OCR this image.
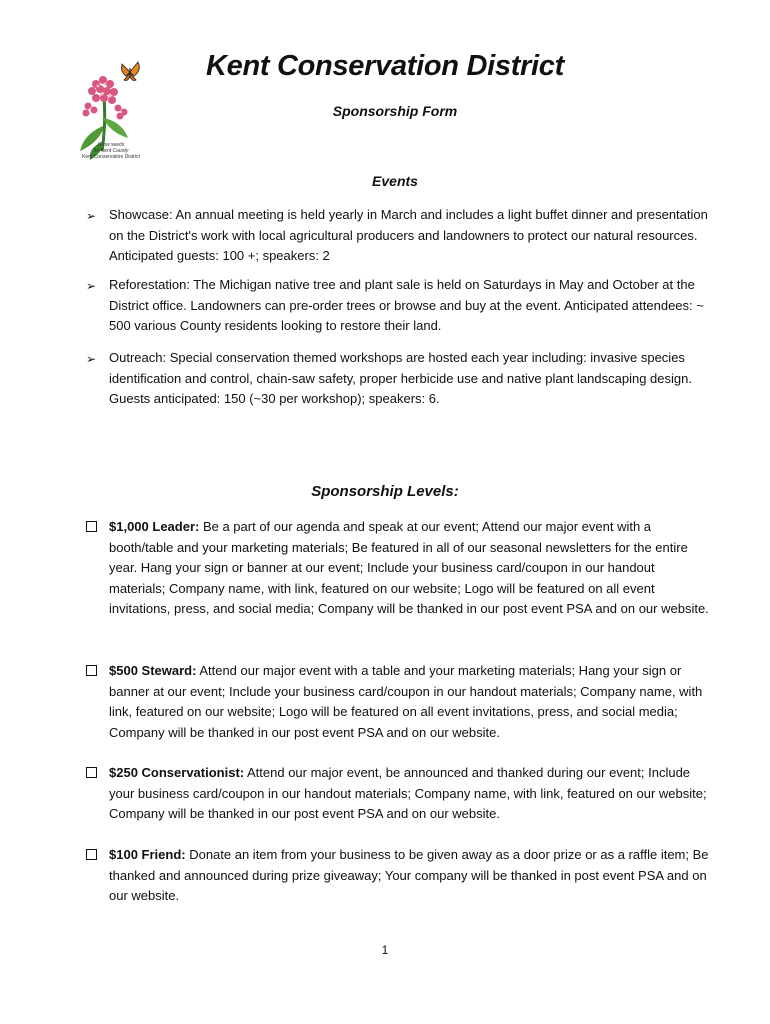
Grow seeds
for Kent County
Kent Conservation District
Kent Conservation District
Sponsorship Form
Events
➢ Showcase: An annual meeting is held yearly in March and includes a light buffet dinner and presentation on the District's work with local agricultural producers and landowners to protect our natural resources. Anticipated guests: 100 +; speakers: 2
➢ Reforestation: The Michigan native tree and plant sale is held on Saturdays in May and October at the District office. Landowners can pre-order trees or browse and buy at the event. Anticipated attendees: ~ 500 various County residents looking to restore their land.
➢ Outreach: Special conservation themed workshops are hosted each year including: invasive species identification and control, chain-saw safety, proper herbicide use and native plant landscaping design. Guests anticipated: 150 (~30 per workshop); speakers: 6.
Sponsorship Levels:
$1,000 Leader: Be a part of our agenda and speak at our event; Attend our major event with a booth/table and your marketing materials; Be featured in all of our seasonal newsletters for the entire year. Hang your sign or banner at our event; Include your business card/coupon in our handout materials; Company name, with link, featured on our website; Logo will be featured on all event invitations, press, and social media; Company will be thanked in our post event PSA and on our website.
$500 Steward: Attend our major event with a table and your marketing materials; Hang your sign or banner at our event; Include your business card/coupon in our handout materials; Company name, with link, featured on our website; Logo will be featured on all event invitations, press, and social media; Company will be thanked in our post event PSA and on our website.
$250 Conservationist: Attend our major event, be announced and thanked during our event; Include your business card/coupon in our handout materials; Company name, with link, featured on our website; Company will be thanked in our post event PSA and on our website.
$100 Friend: Donate an item from your business to be given away as a door prize or as a raffle item; Be thanked and announced during prize giveaway; Your company will be thanked in post event PSA and on our website.
1
